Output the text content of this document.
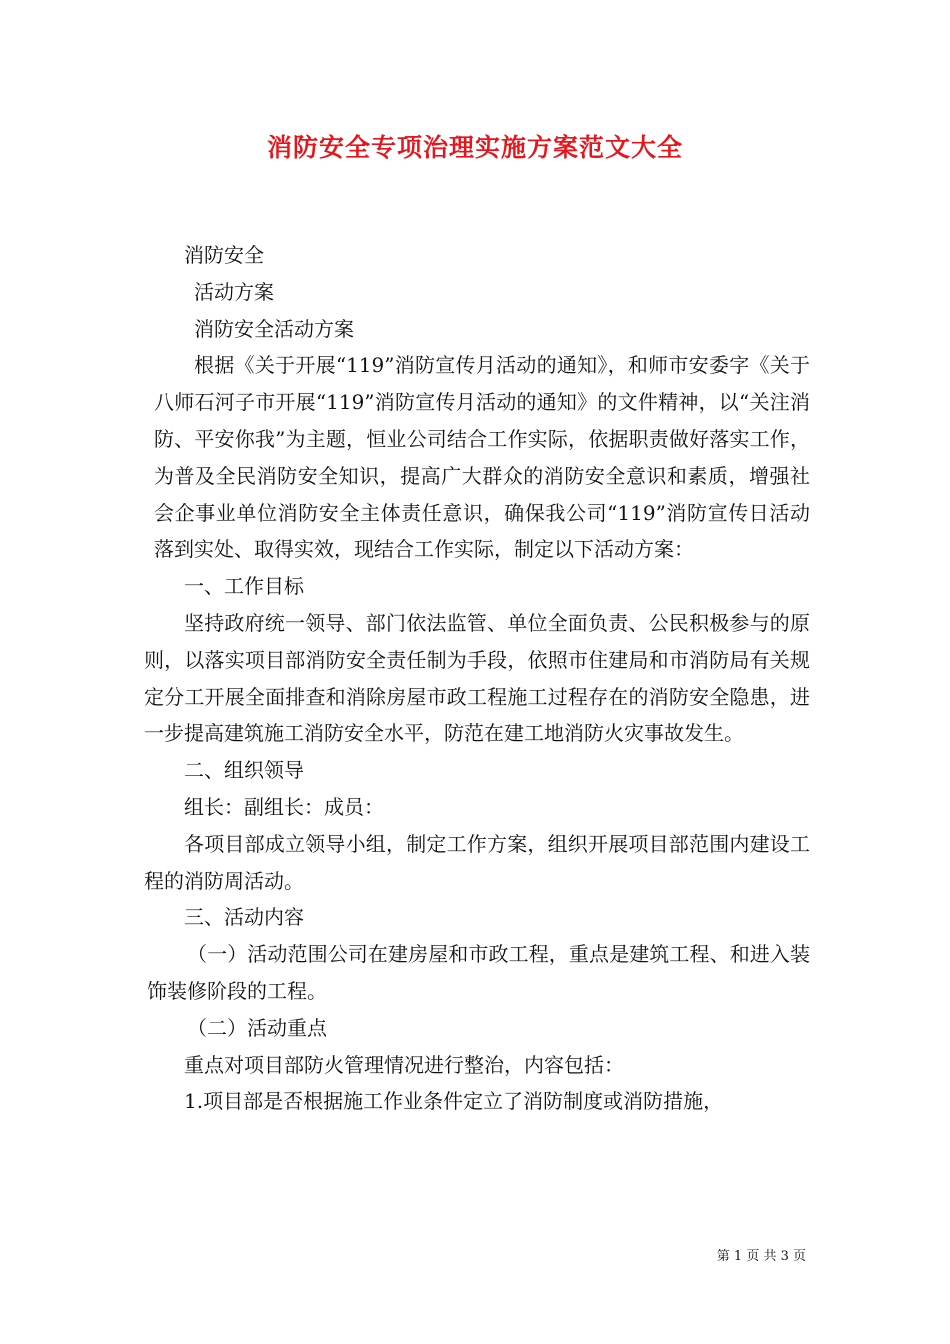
消防安全专项治理实施方案范文大全

消防安全

活动方案

消防安全活动方案

根据《关于开展“119”消防宣传月活动的通知》，和师市安委字《关于八师石河子市开展“119”消防宣传月活动的通知》的文件精神，以“关注消防、平安你我”为主题，恒业公司结合工作实际，依据职责做好落实工作，为普及全民消防安全知识，提高广大群众的消防安全意识和素质，增强社会企事业单位消防安全主体责任意识，确保我公司“119”消防宣传日活动落到实处、取得实效，现结合工作实际，制定以下活动方案：

一、工作目标

坚持政府统一领导、部门依法监管、单位全面负责、公民积极参与的原则，以落实项目部消防安全责任制为手段，依照市住建局和市消防局有关规定分工开展全面排查和消除房屋市政工程施工过程存在的消防安全隐患，进一步提高建筑施工消防安全水平，防范在建工地消防火灾事故发生。

二、组织领导

组长：副组长：成员：

各项目部成立领导小组，制定工作方案，组织开展项目部范围内建设工程的消防周活动。

三、活动内容

（一）活动范围公司在建房屋和市政工程，重点是建筑工程、和进入装饰装修阶段的工程。

（二）活动重点

重点对项目部防火管理情况进行整治，内容包括：

1.项目部是否根据施工作业条件定立了消防制度或消防措施，

第 1 页 共 3 页
